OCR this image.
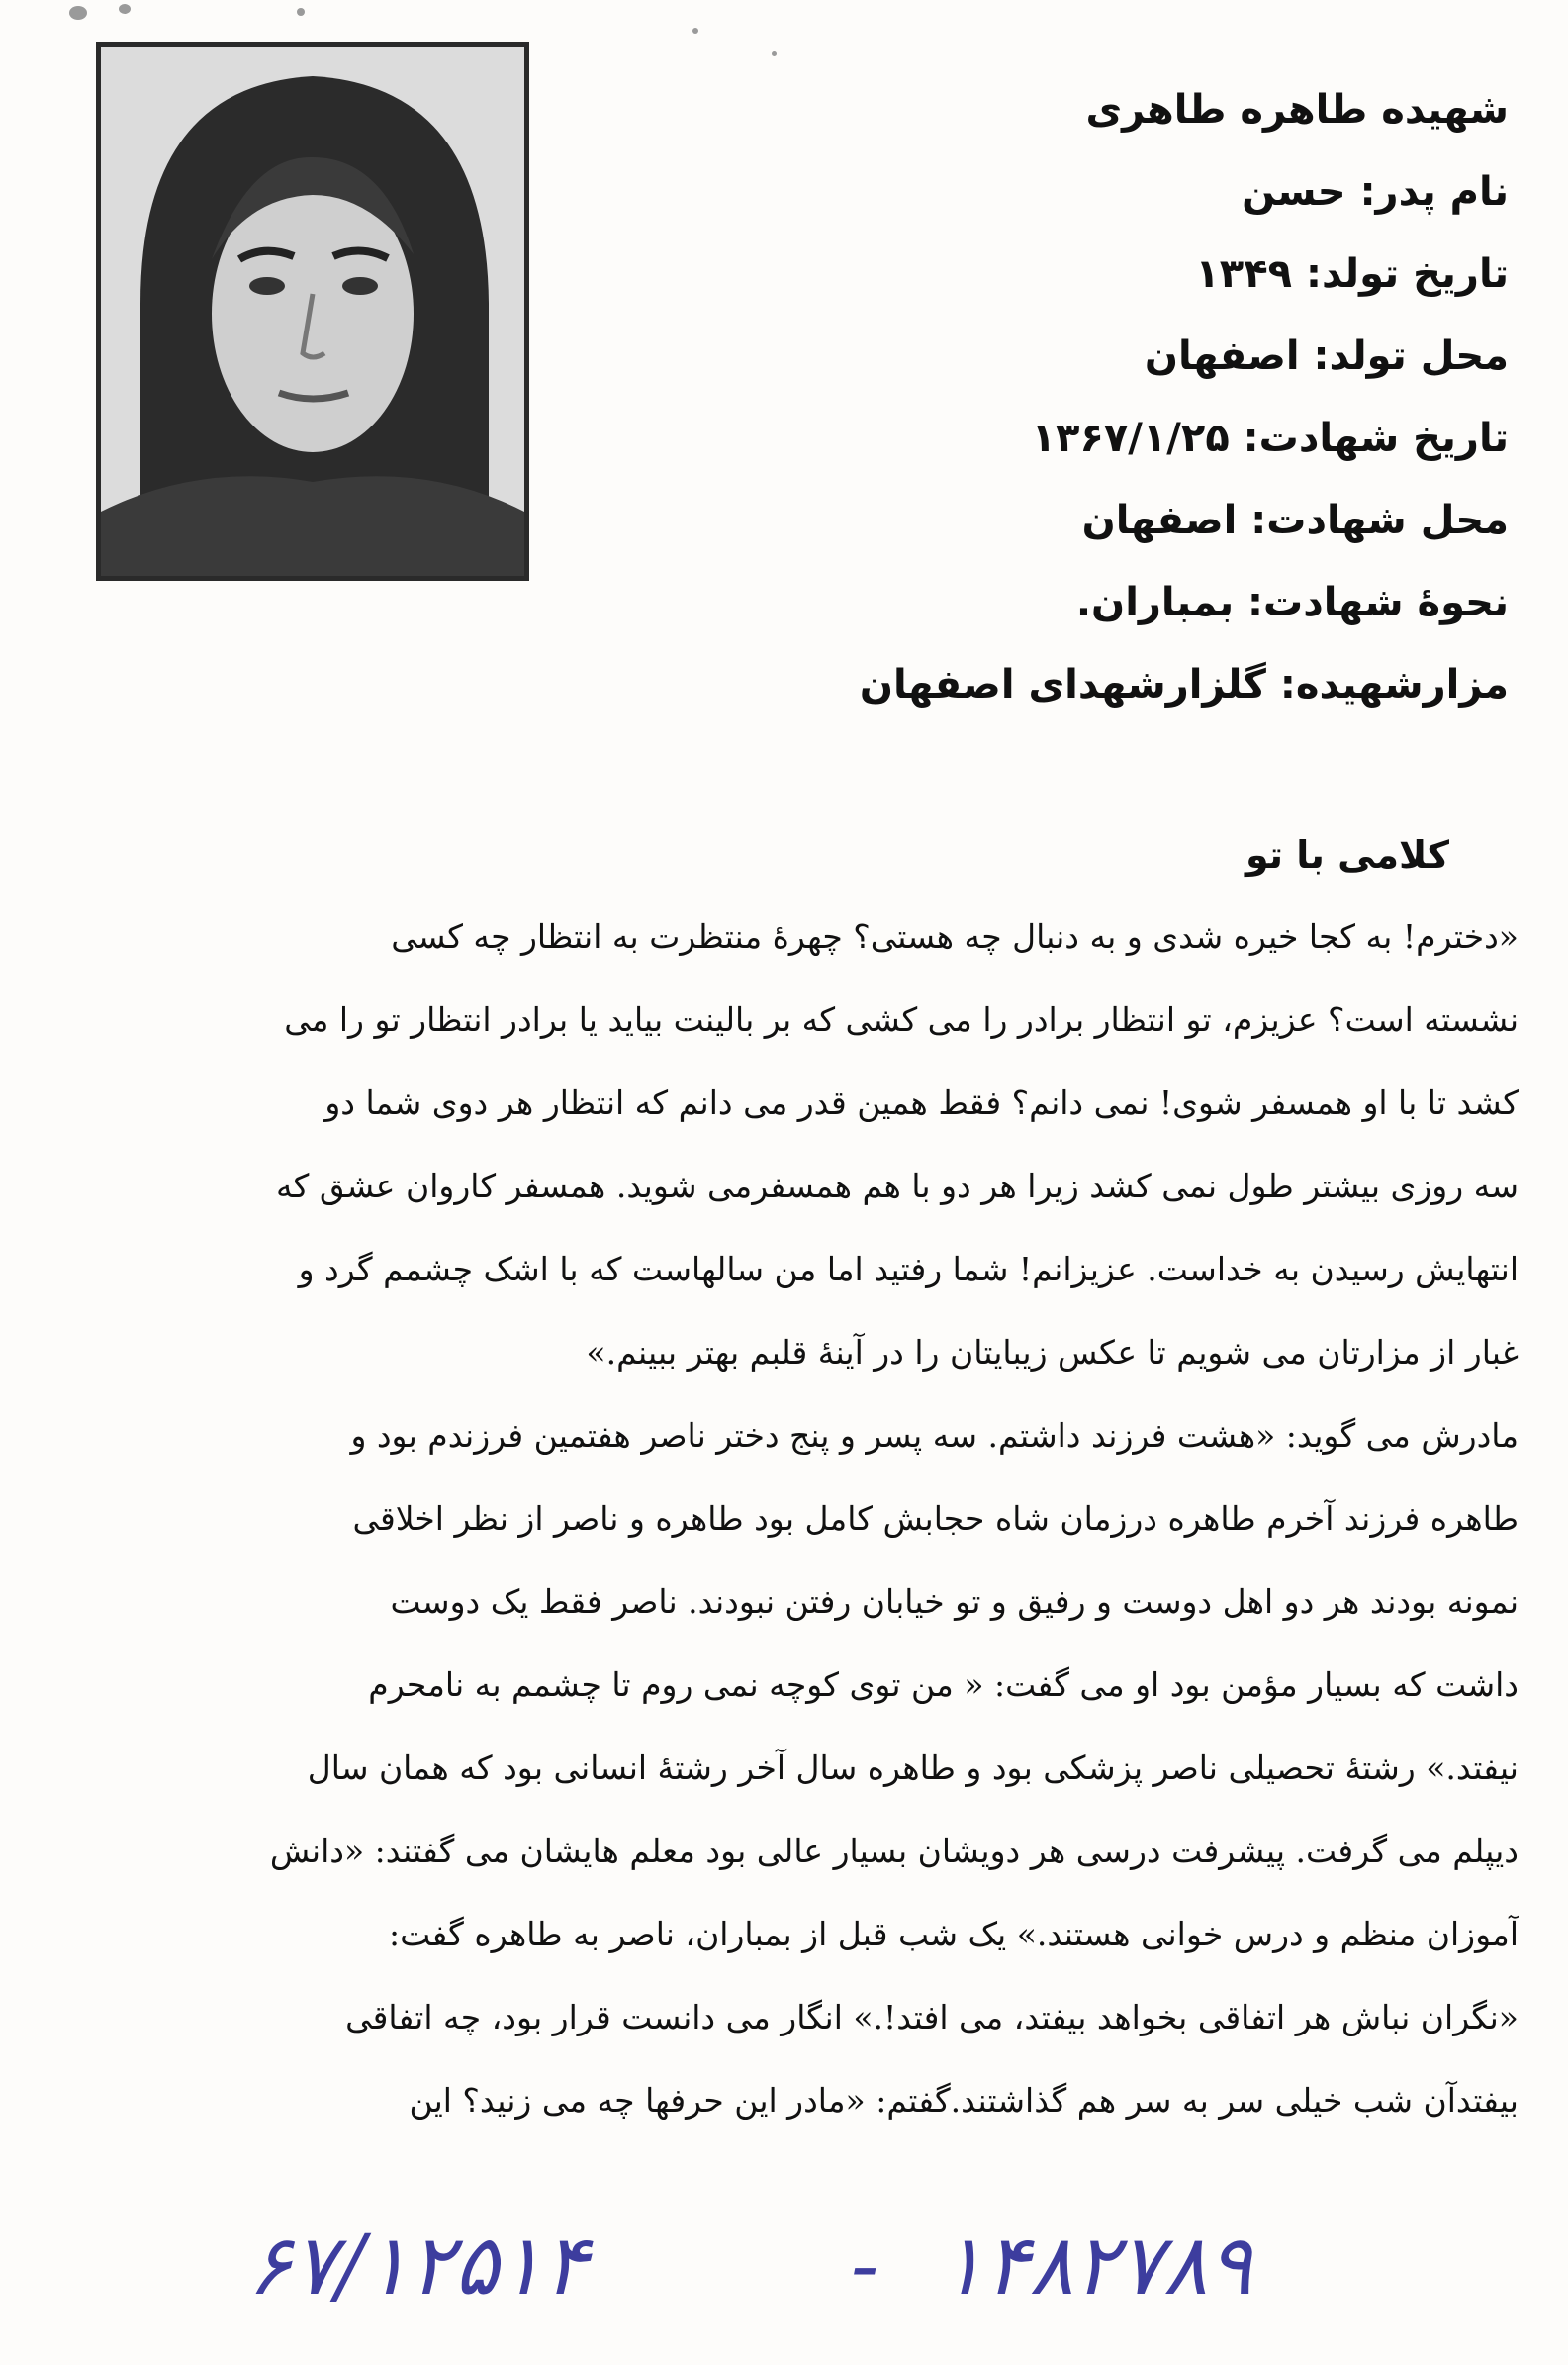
شهیده طاهره طاهری
نام پدر: حسن
تاریخ تولد: ۱۳۴۹
محل تولد: اصفهان
تاریخ شهادت: ۱۳۶۷/۱/۲۵
محل شهادت: اصفهان
نحوهٔ شهادت: بمباران.
مزارشهیده: گلزارشهدای اصفهان
کلامی با تو
«دخترم! به کجا خیره شدی و به دنبال چه هستی؟ چهرهٔ منتظرت به انتظار چه کسی
نشسته است؟ عزیزم، تو انتظار برادر را می کشی که بر بالینت بیاید یا برادر انتظار تو را می
کشد تا با او همسفر شوی! نمی دانم؟ فقط همین قدر می دانم که انتظار هر دوی شما دو
سه روزی بیشتر طول نمی کشد زیرا هر دو با هم همسفرمی شوید. همسفر کاروان عشق که
انتهایش رسیدن به خداست. عزیزانم! شما رفتید اما من سالهاست که با اشک چشمم گرد و
غبار از مزارتان می شویم تا عکس زیبایتان را در آینهٔ قلبم بهتر ببینم.»
مادرش می گوید: «هشت فرزند داشتم. سه پسر و پنج دختر ناصر هفتمین فرزندم بود و
طاهره فرزند آخرم طاهره درزمان شاه حجابش کامل بود طاهره و ناصر از نظر اخلاقی
نمونه بودند هر دو اهل دوست و رفیق و تو خیابان رفتن نبودند. ناصر فقط یک دوست
داشت که بسیار مؤمن بود او می گفت: « من توی کوچه نمی روم تا چشمم به نامحرم
نیفتد.» رشتهٔ تحصیلی ناصر پزشکی بود و طاهره سال آخر رشتهٔ انسانی بود که همان سال
دیپلم می گرفت. پیشرفت درسی هر دویشان بسیار عالی بود معلم هایشان می گفتند: «دانش
آموزان منظم و درس خوانی هستند.» یک شب قبل از بمباران، ناصر به طاهره گفت:
«نگران نباش هر اتفاقی بخواهد بیفتد، می افتد!.» انگار می دانست قرار بود، چه اتفاقی
بیفتدآن شب خیلی سر به سر هم گذاشتند.گفتم: «مادر این حرفها چه می زنید؟ این
۶۷/۱۲۵۱۴	- ۱۴۸۲۷۸۹
